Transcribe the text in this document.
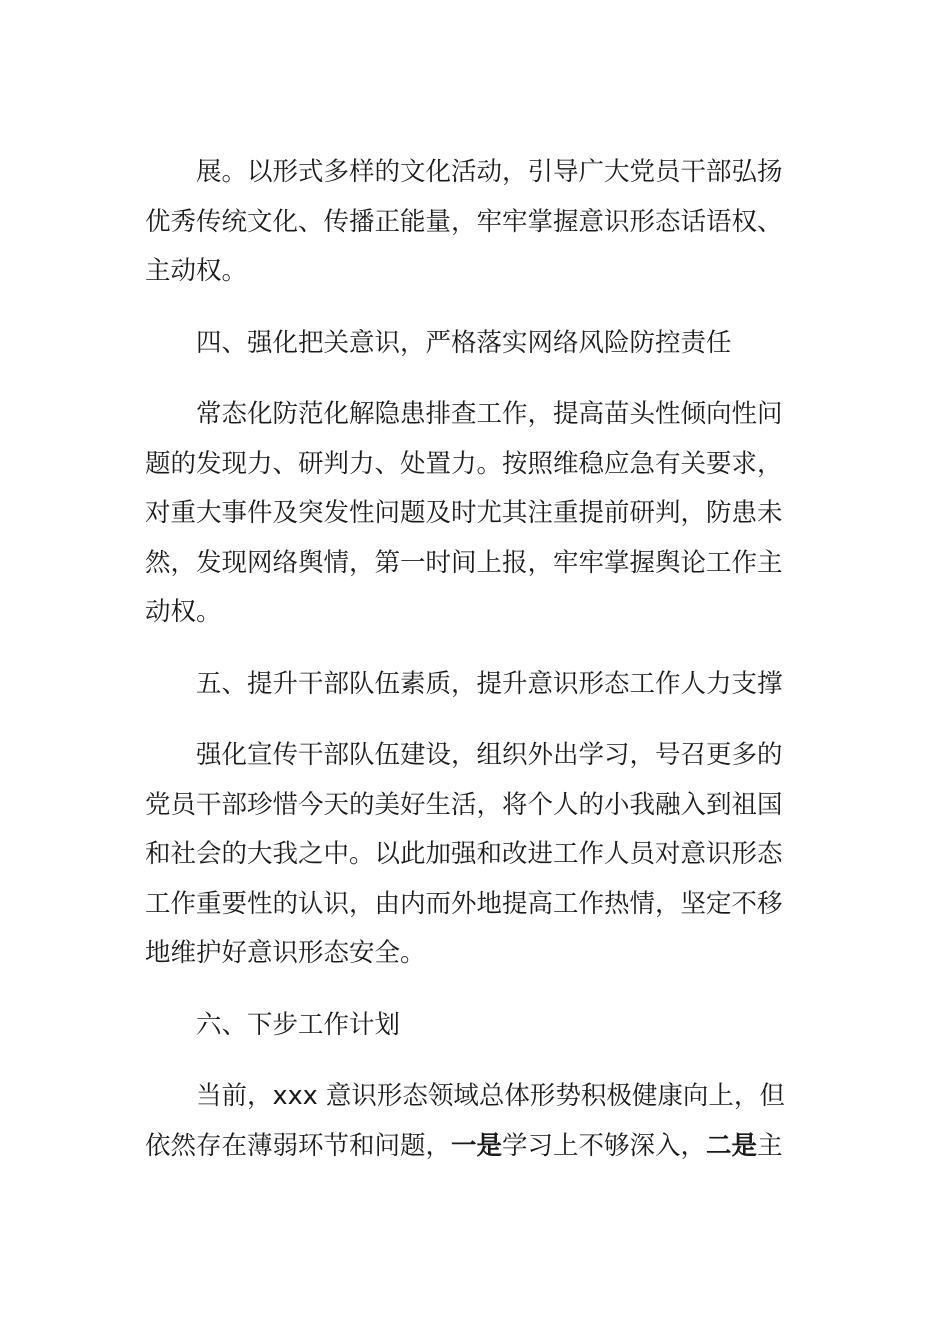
展。以形式多样的文化活动，引导广大党员干部弘扬
优秀传统文化、传播正能量，牢牢掌握意识形态话语权、
主动权。
四、强化把关意识，严格落实网络风险防控责任
常态化防范化解隐患排查工作，提高苗头性倾向性问
题的发现力、研判力、处置力。按照维稳应急有关要求，
对重大事件及突发性问题及时尤其注重提前研判，防患未
然，发现网络舆情，第一时间上报，牢牢掌握舆论工作主
动权。
五、提升干部队伍素质，提升意识形态工作人力支撑
强化宣传干部队伍建设，组织外出学习，号召更多的
党员干部珍惜今天的美好生活，将个人的小我融入到祖国
和社会的大我之中。以此加强和改进工作人员对意识形态
工作重要性的认识，由内而外地提高工作热情，坚定不移
地维护好意识形态安全。
六、下步工作计划
当前，xxx 意识形态领域总体形势积极健康向上，但
依然存在薄弱环节和问题，一是学习上不够深入，二是主
